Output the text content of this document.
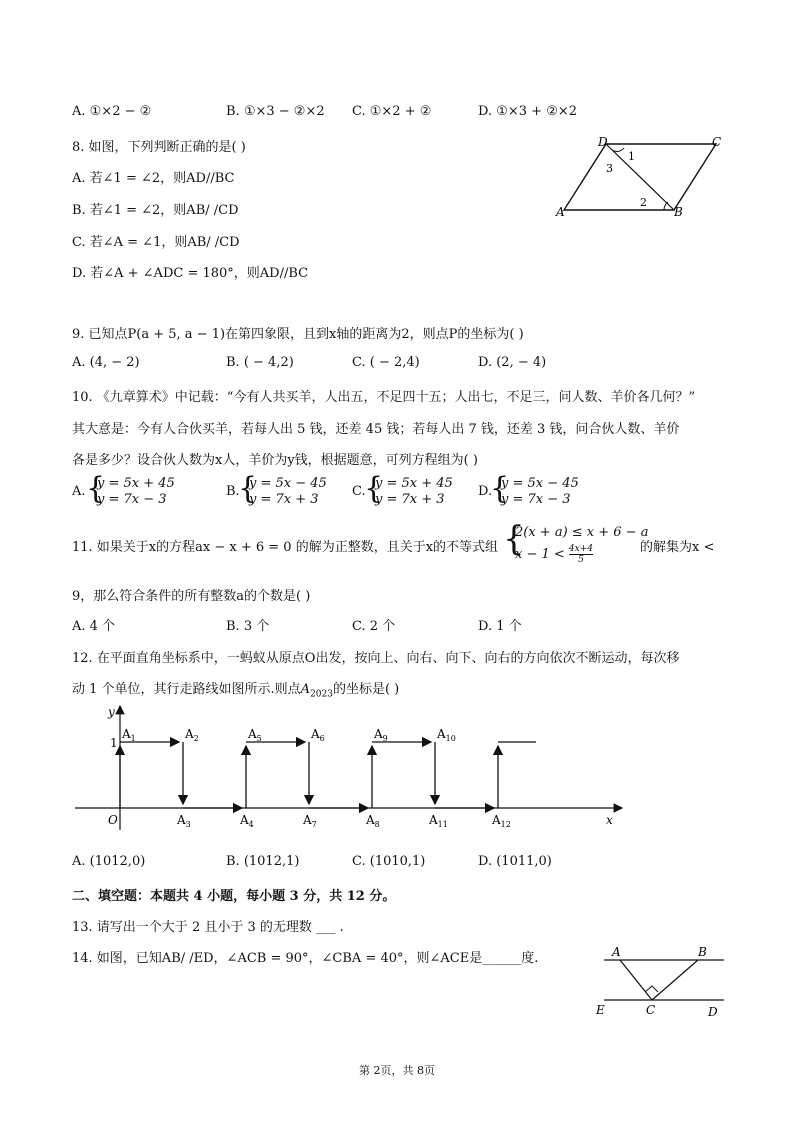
A. ①×2 − ②	B. ①×3 − ②×2 C. ①×2 + ②	D. ①×3 + ②×2
8. 如图，下列判断正确的是( )
A. 若∠1 = ∠2，则AD//BC
B. 若∠1 = ∠2，则AB/ /CD
C. 若∠A = ∠1，则AB/ /CD
D. 若∠A + ∠ADC = 180°，则AD//BC
D	C
A	B
1
3
2
9. 已知点P(a + 5, a − 1)在第四象限，且到x轴的距离为2，则点P的坐标为( )
A. (4, − 2)	B. ( − 4,2)	C. ( − 2,4)	D. (2, − 4)
10. 《九章算术》中记载：“今有人共买羊，人出五，不足四十五；人出七，不足三，问人数、羊价各几何？”
其大意是：今有人合伙买羊，若每人出 5 钱，还差 45 钱；若每人出 7 钱，还差 3 钱，问合伙人数、羊价
各是多少？设合伙人数为x人，羊价为y钱，根据题意，可列方程组为( )
A. {
y = 5x + 45
y = 7x − 3
B.
{
y = 5x − 45
y = 7x + 3
C.
{
y = 5x + 45
y = 7x + 3
D.
{
y = 5x − 45
y = 7x − 3
11. 如果关于x的方程ax − x + 6 = 0 的解为正整数，且关于x的不等式组 {
2(x + a) ≤ x + 6 − a
$x - 1 < \frac{4x+4}{5}$	的解集为x <
9，那么符合条件的所有整数a的个数是( )
A. 4 个	B. 3 个	C. 2 个	D. 1 个
12. 在平面直角坐标系中，一蚂蚁从原点O出发，按向上、向右、向下、向右的方向依次不断运动，每次移
动 1 个单位，其行走路线如图所示.则点$A_{2023}$的坐标是( )
y
x
O
1
$A_1$	$A_2$
$A_3$	$A_4$
$A_5$	$A_6$
$A_7$	$A_8$
$A_9$	$A_{10}$
$A_{11}$	$A_{12}$
A. (1012,0)	B. (1012,1)	C. (1010,1)	D. (1011,0)
二、填空题：本题共 4 小题，每小题 3 分，共 12 分。
13. 请写出一个大于 2 且小于 3 的无理数 ___ .
14. 如图，已知AB/ /ED，∠ACB = 90°，∠CBA = 40°，则∠ACE是______度.	A	B
E	C	D
第 2页，共 8页
